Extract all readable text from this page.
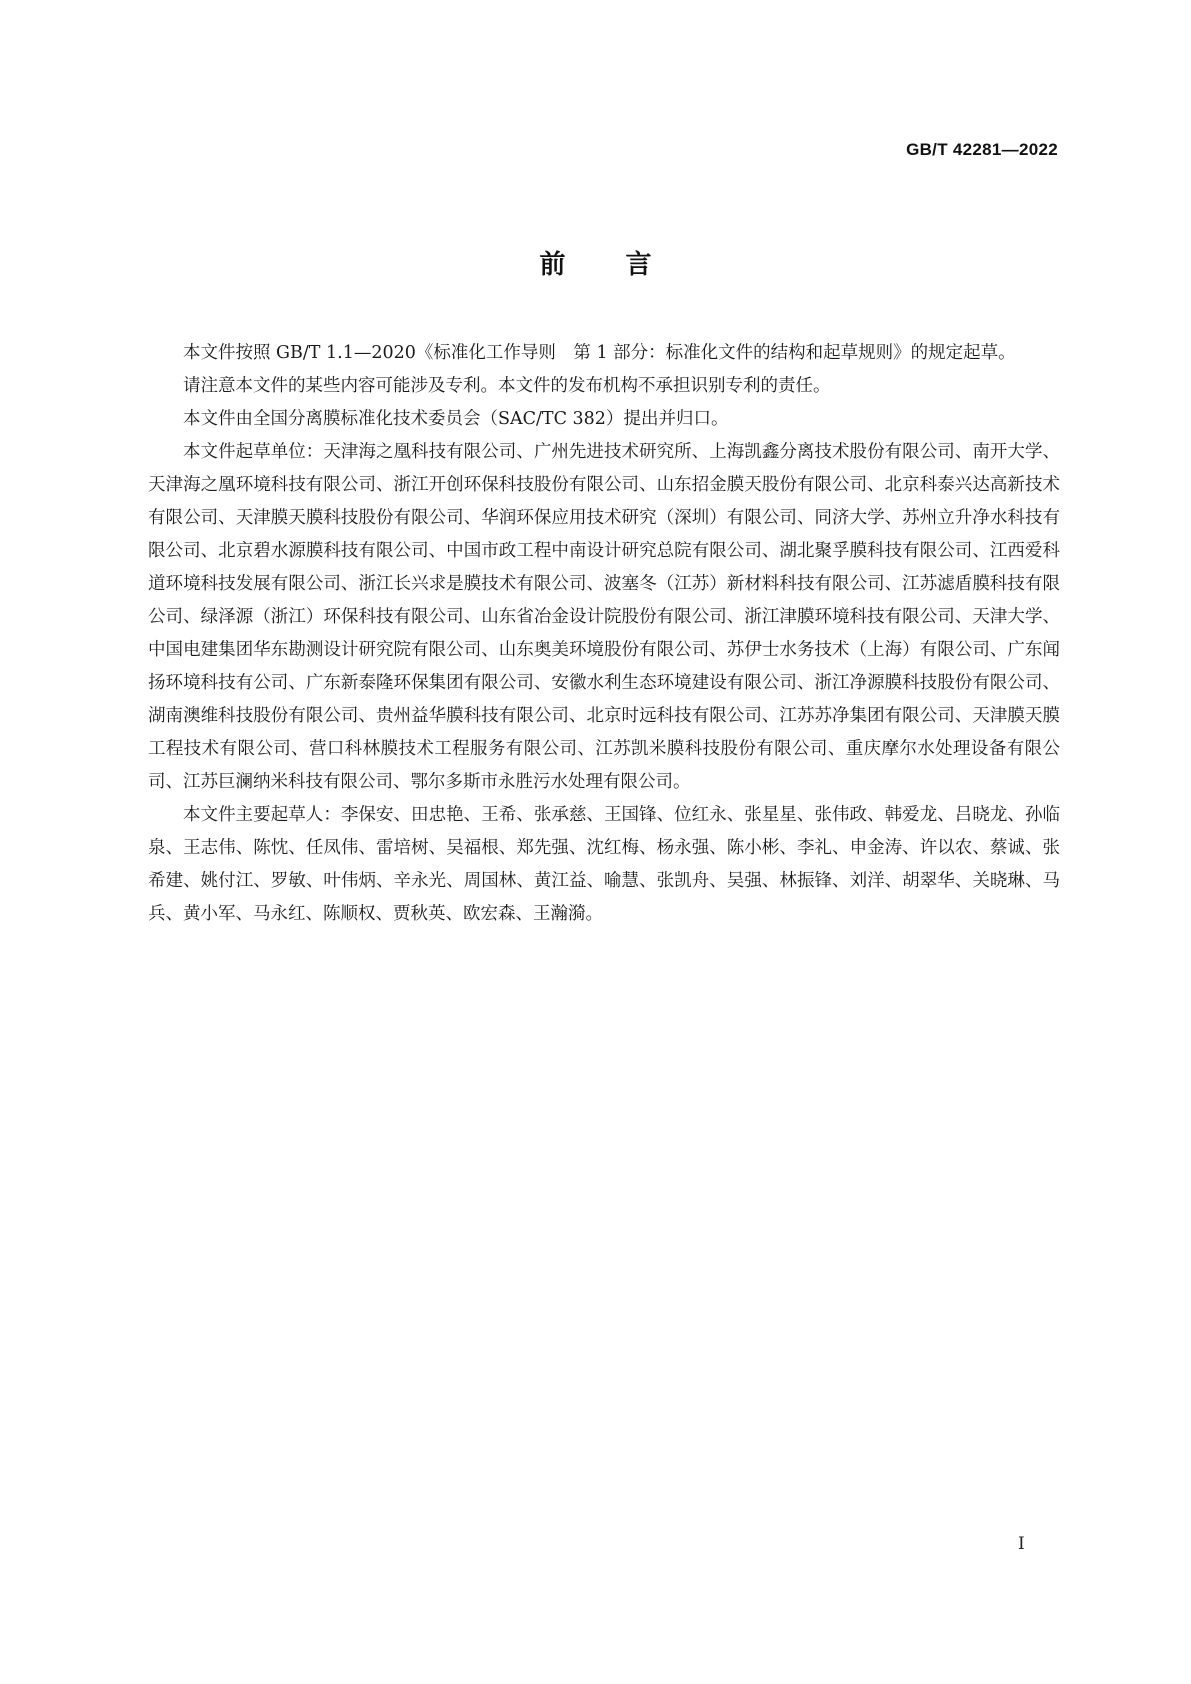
GB/T 42281—2022
前言

本文件按照 GB/T 1.1—2020《标准化工作导则　第 1 部分：标准化文件的结构和起草规则》的规定起草。

请注意本文件的某些内容可能涉及专利。本文件的发布机构不承担识别专利的责任。

本文件由全国分离膜标准化技术委员会（SAC/TC 382）提出并归口。

本文件起草单位：天津海之凰科技有限公司、广州先进技术研究所、上海凯鑫分离技术股份有限公司、南开大学、天津海之凰环境科技有限公司、浙江开创环保科技股份有限公司、山东招金膜天股份有限公司、北京科泰兴达高新技术有限公司、天津膜天膜科技股份有限公司、华润环保应用技术研究（深圳）有限公司、同济大学、苏州立升净水科技有限公司、北京碧水源膜科技有限公司、中国市政工程中南设计研究总院有限公司、湖北聚孚膜科技有限公司、江西爱科道环境科技发展有限公司、浙江长兴求是膜技术有限公司、波塞冬（江苏）新材料科技有限公司、江苏滤盾膜科技有限公司、绿泽源（浙江）环保科技有限公司、山东省冶金设计院股份有限公司、浙江津膜环境科技有限公司、天津大学、中国电建集团华东勘测设计研究院有限公司、山东奥美环境股份有限公司、苏伊士水务技术（上海）有限公司、广东闻扬环境科技有公司、广东新泰隆环保集团有限公司、安徽水利生态环境建设有限公司、浙江净源膜科技股份有限公司、湖南澳维科技股份有限公司、贵州益华膜科技有限公司、北京时远科技有限公司、江苏苏净集团有限公司、天津膜天膜工程技术有限公司、营口科林膜技术工程服务有限公司、江苏凯米膜科技股份有限公司、重庆摩尔水处理设备有限公司、江苏巨澜纳米科技有限公司、鄂尔多斯市永胜污水处理有限公司。

本文件主要起草人：李保安、田忠艳、王希、张承慈、王国锋、位红永、张星星、张伟政、韩爱龙、吕晓龙、孙临泉、王志伟、陈忱、任凤伟、雷培树、吴福根、郑先强、沈红梅、杨永强、陈小彬、李礼、申金涛、许以农、蔡诚、张希建、姚付江、罗敏、叶伟炳、辛永光、周国林、黄江益、喻慧、张凯舟、吴强、林振锋、刘洋、胡翠华、关晓琳、马兵、黄小军、马永红、陈顺权、贾秋英、欧宏森、王瀚漪。

I
